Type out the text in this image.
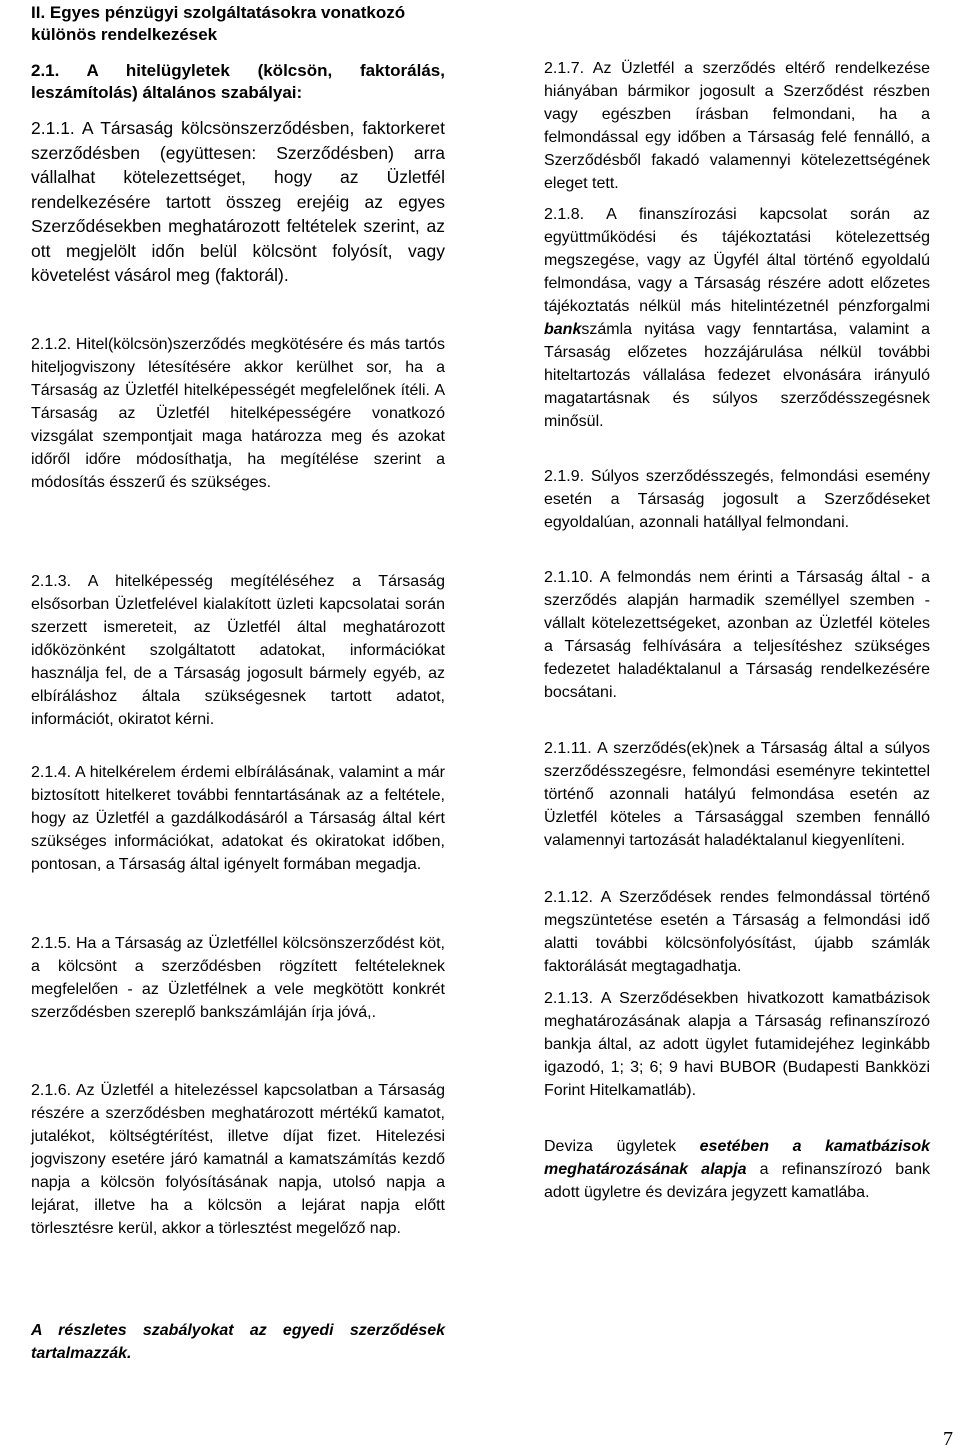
II. Egyes pénzügyi szolgáltatásokra vonatkozó különös rendelkezések
2.1. A hitelügyletek (kölcsön, faktorálás, leszámítolás) általános szabályai:

2.1.1. A Társaság kölcsönszerződésben, faktorkeret szerződésben (együttesen: Szerződésben) arra vállalhat kötelezettséget, hogy az Üzletfél rendelkezésére tartott összeg erejéig az egyes Szerződésekben meghatározott feltételek szerint, az ott megjelölt időn belül kölcsönt folyósít, vagy követelést vásárol meg (faktorál).

2.1.2. Hitel(kölcsön)szerződés megkötésére és más tartós hiteljogviszony létesítésére akkor kerülhet sor, ha a Társaság az Üzletfél hitelképességét megfelelőnek ítéli. A Társaság az Üzletfél hitelképességére vonatkozó vizsgálat szempontjait maga határozza meg és azokat időről időre módosíthatja, ha megítélése szerint a módosítás ésszerű és szükséges.

2.1.3. A hitelképesség megítéléséhez a Társaság elsősorban Üzletfelével kialakított üzleti kapcsolatai során szerzett ismereteit, az Üzletfél által meghatározott időközönként szolgáltatott adatokat, információkat használja fel, de a Társaság jogosult bármely egyéb, az elbíráláshoz általa szükségesnek tartott adatot, információt, okiratot kérni.

2.1.4. A hitelkérelem érdemi elbírálásának, valamint a már biztosított hitelkeret további fenntartásának az a feltétele, hogy az Üzletfél a gazdálkodásáról a Társaság által kért szükséges információkat, adatokat és okiratokat időben, pontosan, a Társaság által igényelt formában megadja.

2.1.5. Ha a Társaság az Üzletféllel kölcsönszerződést köt, a kölcsönt a szerződésben rögzített feltételeknek megfelelően - az Üzletfélnek a vele megkötött konkrét szerződésben szereplő bankszámláján írja jóvá,.

2.1.6. Az Üzletfél a hitelezéssel kapcsolatban a Társaság részére a szerződésben meghatározott mértékű kamatot, jutalékot, költségtérítést, illetve díjat fizet. Hitelezési jogviszony esetére járó kamatnál a kamatszámítás kezdő napja a kölcsön folyósításának napja, utolsó napja a lejárat, illetve ha a kölcsön a lejárat napja előtt törlesztésre kerül, akkor a törlesztést megelőző nap.

A részletes szabályokat az egyedi szerződések tartalmazzák.

2.1.7. Az Üzletfél a szerződés eltérő rendelkezése hiányában bármikor jogosult a Szerződést részben vagy egészben írásban felmondani, ha a felmondással egy időben a Társaság felé fennálló, a Szerződésből fakadó valamennyi kötelezettségének eleget tett.

2.1.8. A finanszírozási kapcsolat során az együttműködési és tájékoztatási kötelezettség megszegése, vagy az Ügyfél által történő egyoldalú felmondása, vagy a Társaság részére adott előzetes tájékoztatás nélkül más hitelintézetnél pénzforgalmi bankszámla nyitása vagy fenntartása, valamint a Társaság előzetes hozzájárulása nélkül további hiteltartozás vállalása fedezet elvonására irányuló magatartásnak és súlyos szerződésszegésnek minősül.

2.1.9. Súlyos szerződésszegés, felmondási esemény esetén a Társaság jogosult a Szerződéseket egyoldalúan, azonnali hatállyal felmondani.

2.1.10. A felmondás nem érinti a Társaság által - a szerződés alapján harmadik személlyel szemben - vállalt kötelezettségeket, azonban az Üzletfél köteles a Társaság felhívására a teljesítéshez szükséges fedezetet haladéktalanul a Társaság rendelkezésére bocsátani.

2.1.11. A szerződés(ek)nek a Társaság által a súlyos szerződésszegésre, felmondási eseményre tekintettel történő azonnali hatályú felmondása esetén az Üzletfél köteles a Társasággal szemben fennálló valamennyi tartozását haladéktalanul kiegyenlíteni.

2.1.12. A Szerződések rendes felmondással történő megszüntetése esetén a Társaság a felmondási idő alatti további kölcsönfolyósítást, újabb számlák faktorálását megtagadhatja.

2.1.13. A Szerződésekben hivatkozott kamatbázisok meghatározásának alapja a Társaság refinanszírozó bankja által, az adott ügylet futamidejéhez leginkább igazodó, 1; 3; 6; 9 havi BUBOR (Budapesti Bankközi Forint Hitelkamatláb).

Deviza ügyletek esetében a kamatbázisok meghatározásának alapja a refinanszírozó bank adott ügyletre és devizára jegyzett kamatlába.

7
